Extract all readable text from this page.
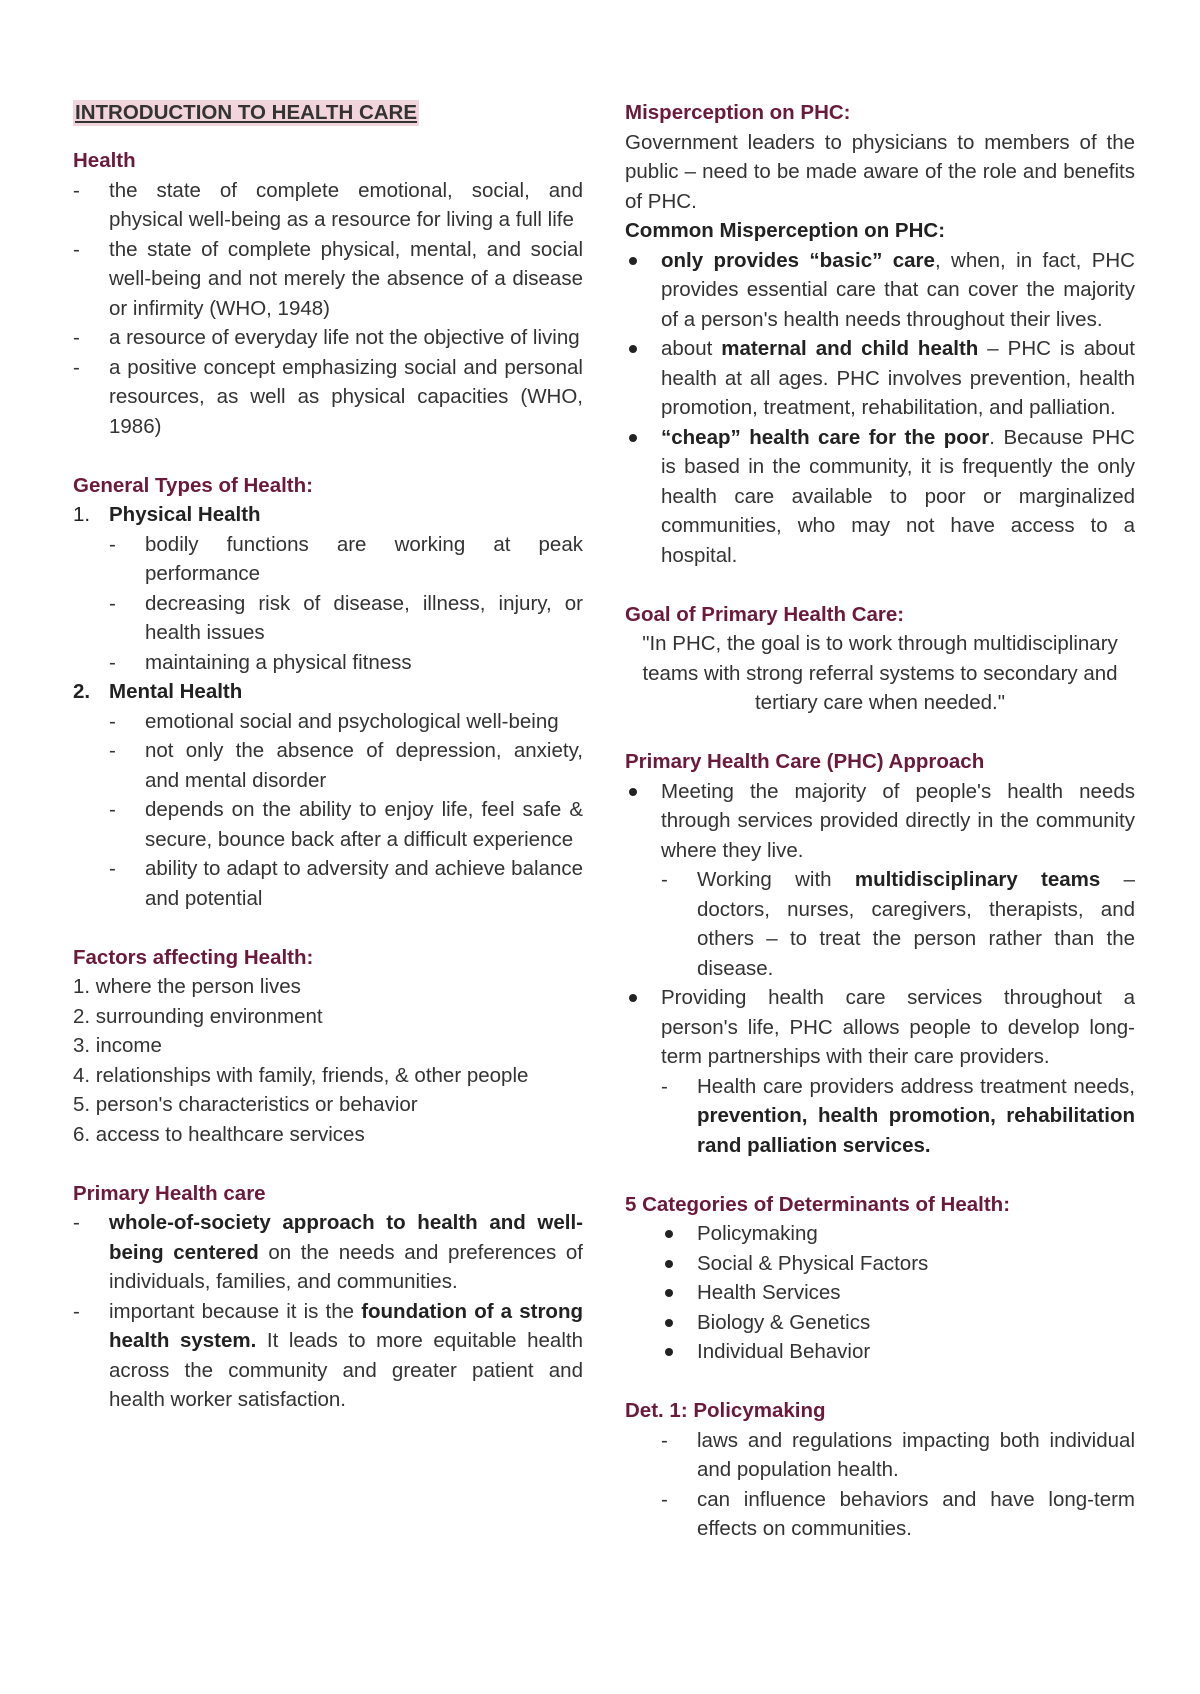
INTRODUCTION TO HEALTH CARE
Health
- the state of complete emotional, social, and physical well-being as a resource for living a full life
- the state of complete physical, mental, and social well-being and not merely the absence of a disease or infirmity (WHO, 1948)
- a resource of everyday life not the objective of living
- a positive concept emphasizing social and personal resources, as well as physical capacities (WHO, 1986)
General Types of Health:
1. Physical Health
- bodily functions are working at peak performance
- decreasing risk of disease, illness, injury, or health issues
- maintaining a physical fitness
2. Mental Health
- emotional social and psychological well-being
- not only the absence of depression, anxiety, and mental disorder
- depends on the ability to enjoy life, feel safe & secure, bounce back after a difficult experience
- ability to adapt to adversity and achieve balance and potential
Factors affecting Health:
1. where the person lives
2. surrounding environment
3. income
4. relationships with family, friends, & other people
5. person's characteristics or behavior
6. access to healthcare services
Primary Health care
- whole-of-society approach to health and well-being centered on the needs and preferences of individuals, families, and communities.
- important because it is the foundation of a strong health system. It leads to more equitable health across the community and greater patient and health worker satisfaction.
Misperception on PHC:
Government leaders to physicians to members of the public – need to be made aware of the role and benefits of PHC.
Common Misperception on PHC:
only provides “basic” care, when, in fact, PHC provides essential care that can cover the majority of a person's health needs throughout their lives.
about maternal and child health – PHC is about health at all ages. PHC involves prevention, health promotion, treatment, rehabilitation, and palliation.
“cheap” health care for the poor. Because PHC is based in the community, it is frequently the only health care available to poor or marginalized communities, who may not have access to a hospital.
Goal of Primary Health Care:
"In PHC, the goal is to work through multidisciplinary teams with strong referral systems to secondary and tertiary care when needed."
Primary Health Care (PHC) Approach
Meeting the majority of people's health needs through services provided directly in the community where they live.
- Working with multidisciplinary teams – doctors, nurses, caregivers, therapists, and others – to treat the person rather than the disease.
Providing health care services throughout a person's life, PHC allows people to develop long-term partnerships with their care providers.
- Health care providers address treatment needs, prevention, health promotion, rehabilitation rand palliation services.
5 Categories of Determinants of Health:
Policymaking
Social & Physical Factors
Health Services
Biology & Genetics
Individual Behavior
Det. 1: Policymaking
- laws and regulations impacting both individual and population health.
- can influence behaviors and have long-term effects on communities.
